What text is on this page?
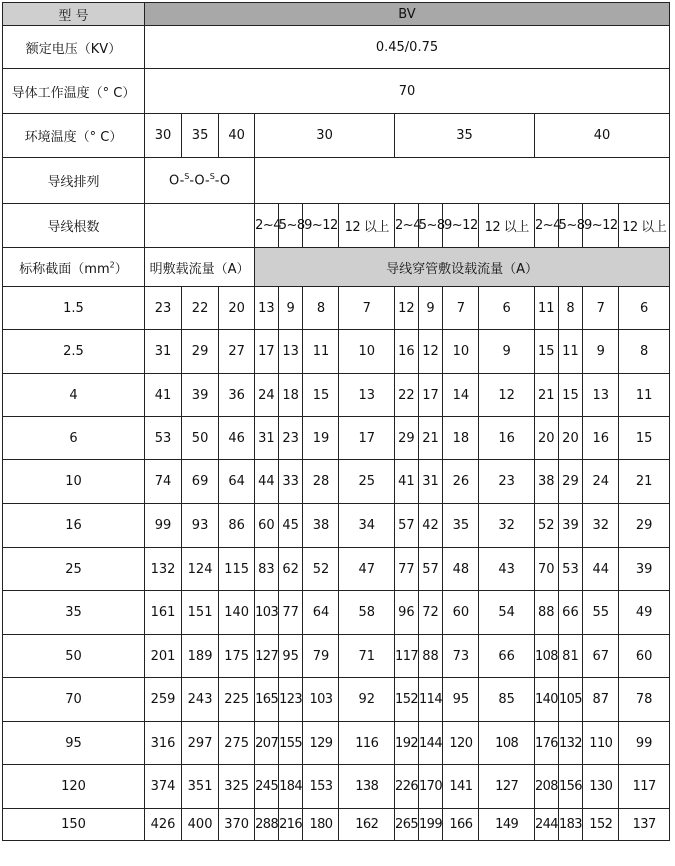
型 号	BV														
额定电压（KV）	0.45/0.75														
导体工作温度（° C）	70														
环境温度（° C）	30	35	40	30				35				40			
导线排列	O-$^S$-O-$^S$-O														
导线根数				2~4	5~8	9~12	12 以上	2~4	5~8	9~12	12 以上	2~4	5~8	9~12	12 以上
标称截面$(mm^2)$	明敷载流量（A）			导线穿管敷设载流量（A）											
1.5	23	22	20	13	9	8	7	12	9	7	6	11	8	7	6
2.5	31	29	27	17	13	11	10	16	12	10	9	15	11	9	8
4	41	39	36	24	18	15	13	22	17	14	12	21	15	13	11
6	53	50	46	31	23	19	17	29	21	18	16	20	20	16	15
10	74	69	64	44	33	28	25	41	31	26	23	38	29	24	21
16	99	93	86	60	45	38	34	57	42	35	32	52	39	32	29
25	132	124	115	83	62	52	47	77	57	48	43	70	53	44	39
35	161	151	140	103	77	64	58	96	72	60	54	88	66	55	49
50	201	189	175	127	95	79	71	117	88	73	66	108	81	67	60
70	259	243	225	165	123	103	92	152	114	95	85	140	105	87	78
95	316	297	275	207	155	129	116	192	144	120	108	176	132	110	99
120	374	351	325	245	184	153	138	226	170	141	127	208	156	130	117
150	426	400	370	288	216	180	162	265	199	166	149	244	183	152	137
